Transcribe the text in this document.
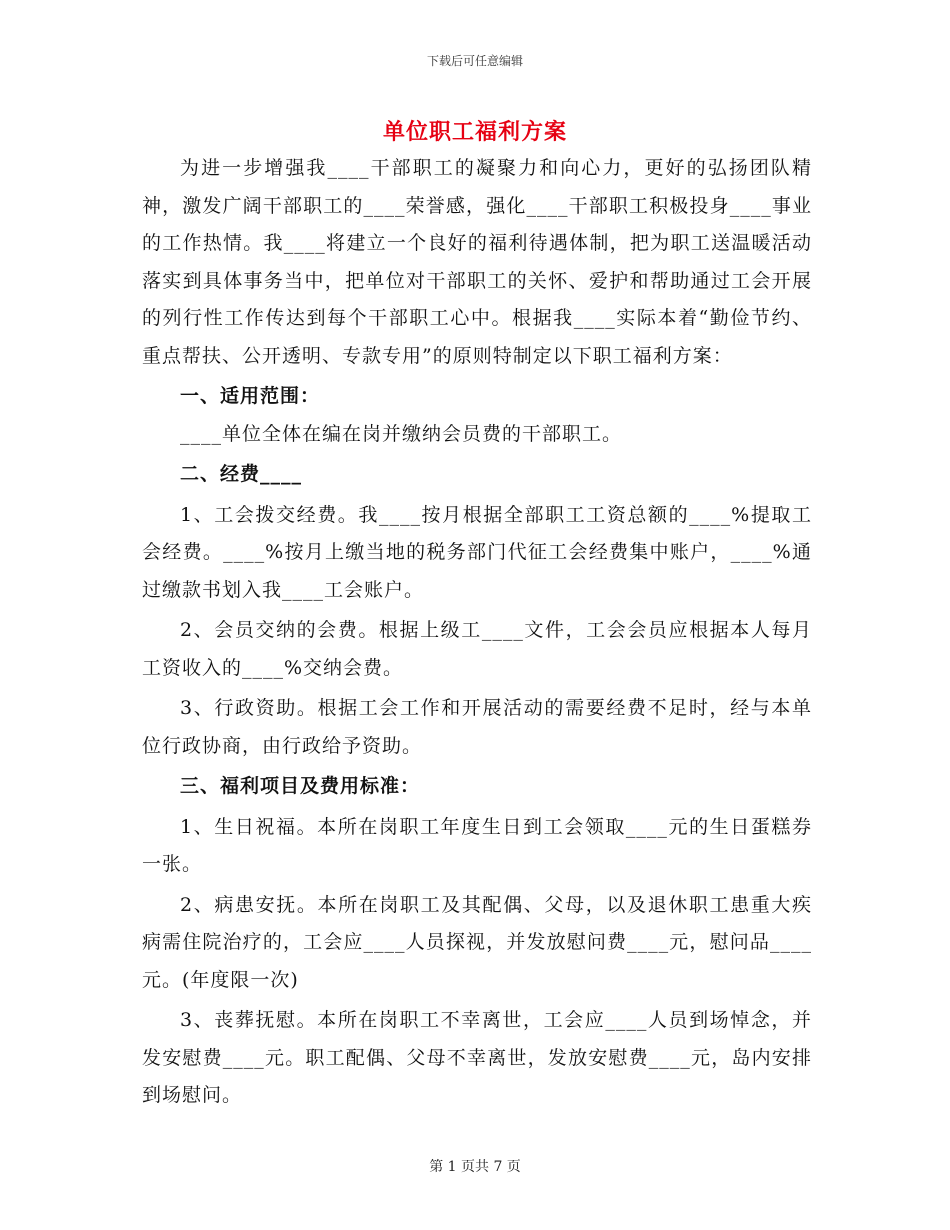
下载后可任意编辑
单位职工福利方案

为进一步增强我____干部职工的凝聚力和向心力，更好的弘扬团队精神，激发广阔干部职工的____荣誉感，强化____干部职工积极投身____事业的工作热情。我____将建立一个良好的福利待遇体制，把为职工送温暖活动落实到具体事务当中，把单位对干部职工的关怀、爱护和帮助通过工会开展的列行性工作传达到每个干部职工心中。根据我____实际本着“勤俭节约、重点帮扶、公开透明、专款专用”的原则特制定以下职工福利方案：

一、适用范围：

____单位全体在编在岗并缴纳会员费的干部职工。

二、经费____

1、工会拨交经费。我____按月根据全部职工工资总额的____%提取工会经费。____%按月上缴当地的税务部门代征工会经费集中账户，____%通过缴款书划入我____工会账户。

2、会员交纳的会费。根据上级工____文件，工会会员应根据本人每月工资收入的____%交纳会费。

3、行政资助。根据工会工作和开展活动的需要经费不足时，经与本单位行政协商，由行政给予资助。

三、福利项目及费用标准：

1、生日祝福。本所在岗职工年度生日到工会领取____元的生日蛋糕券一张。

2、病患安抚。本所在岗职工及其配偶、父母，以及退休职工患重大疾病需住院治疗的，工会应____人员探视，并发放慰问费____元，慰问品____元。(年度限一次)

3、丧葬抚慰。本所在岗职工不幸离世，工会应____人员到场悼念，并发安慰费____元。职工配偶、父母不幸离世，发放安慰费____元，岛内安排到场慰问。

第 1 页共 7 页
